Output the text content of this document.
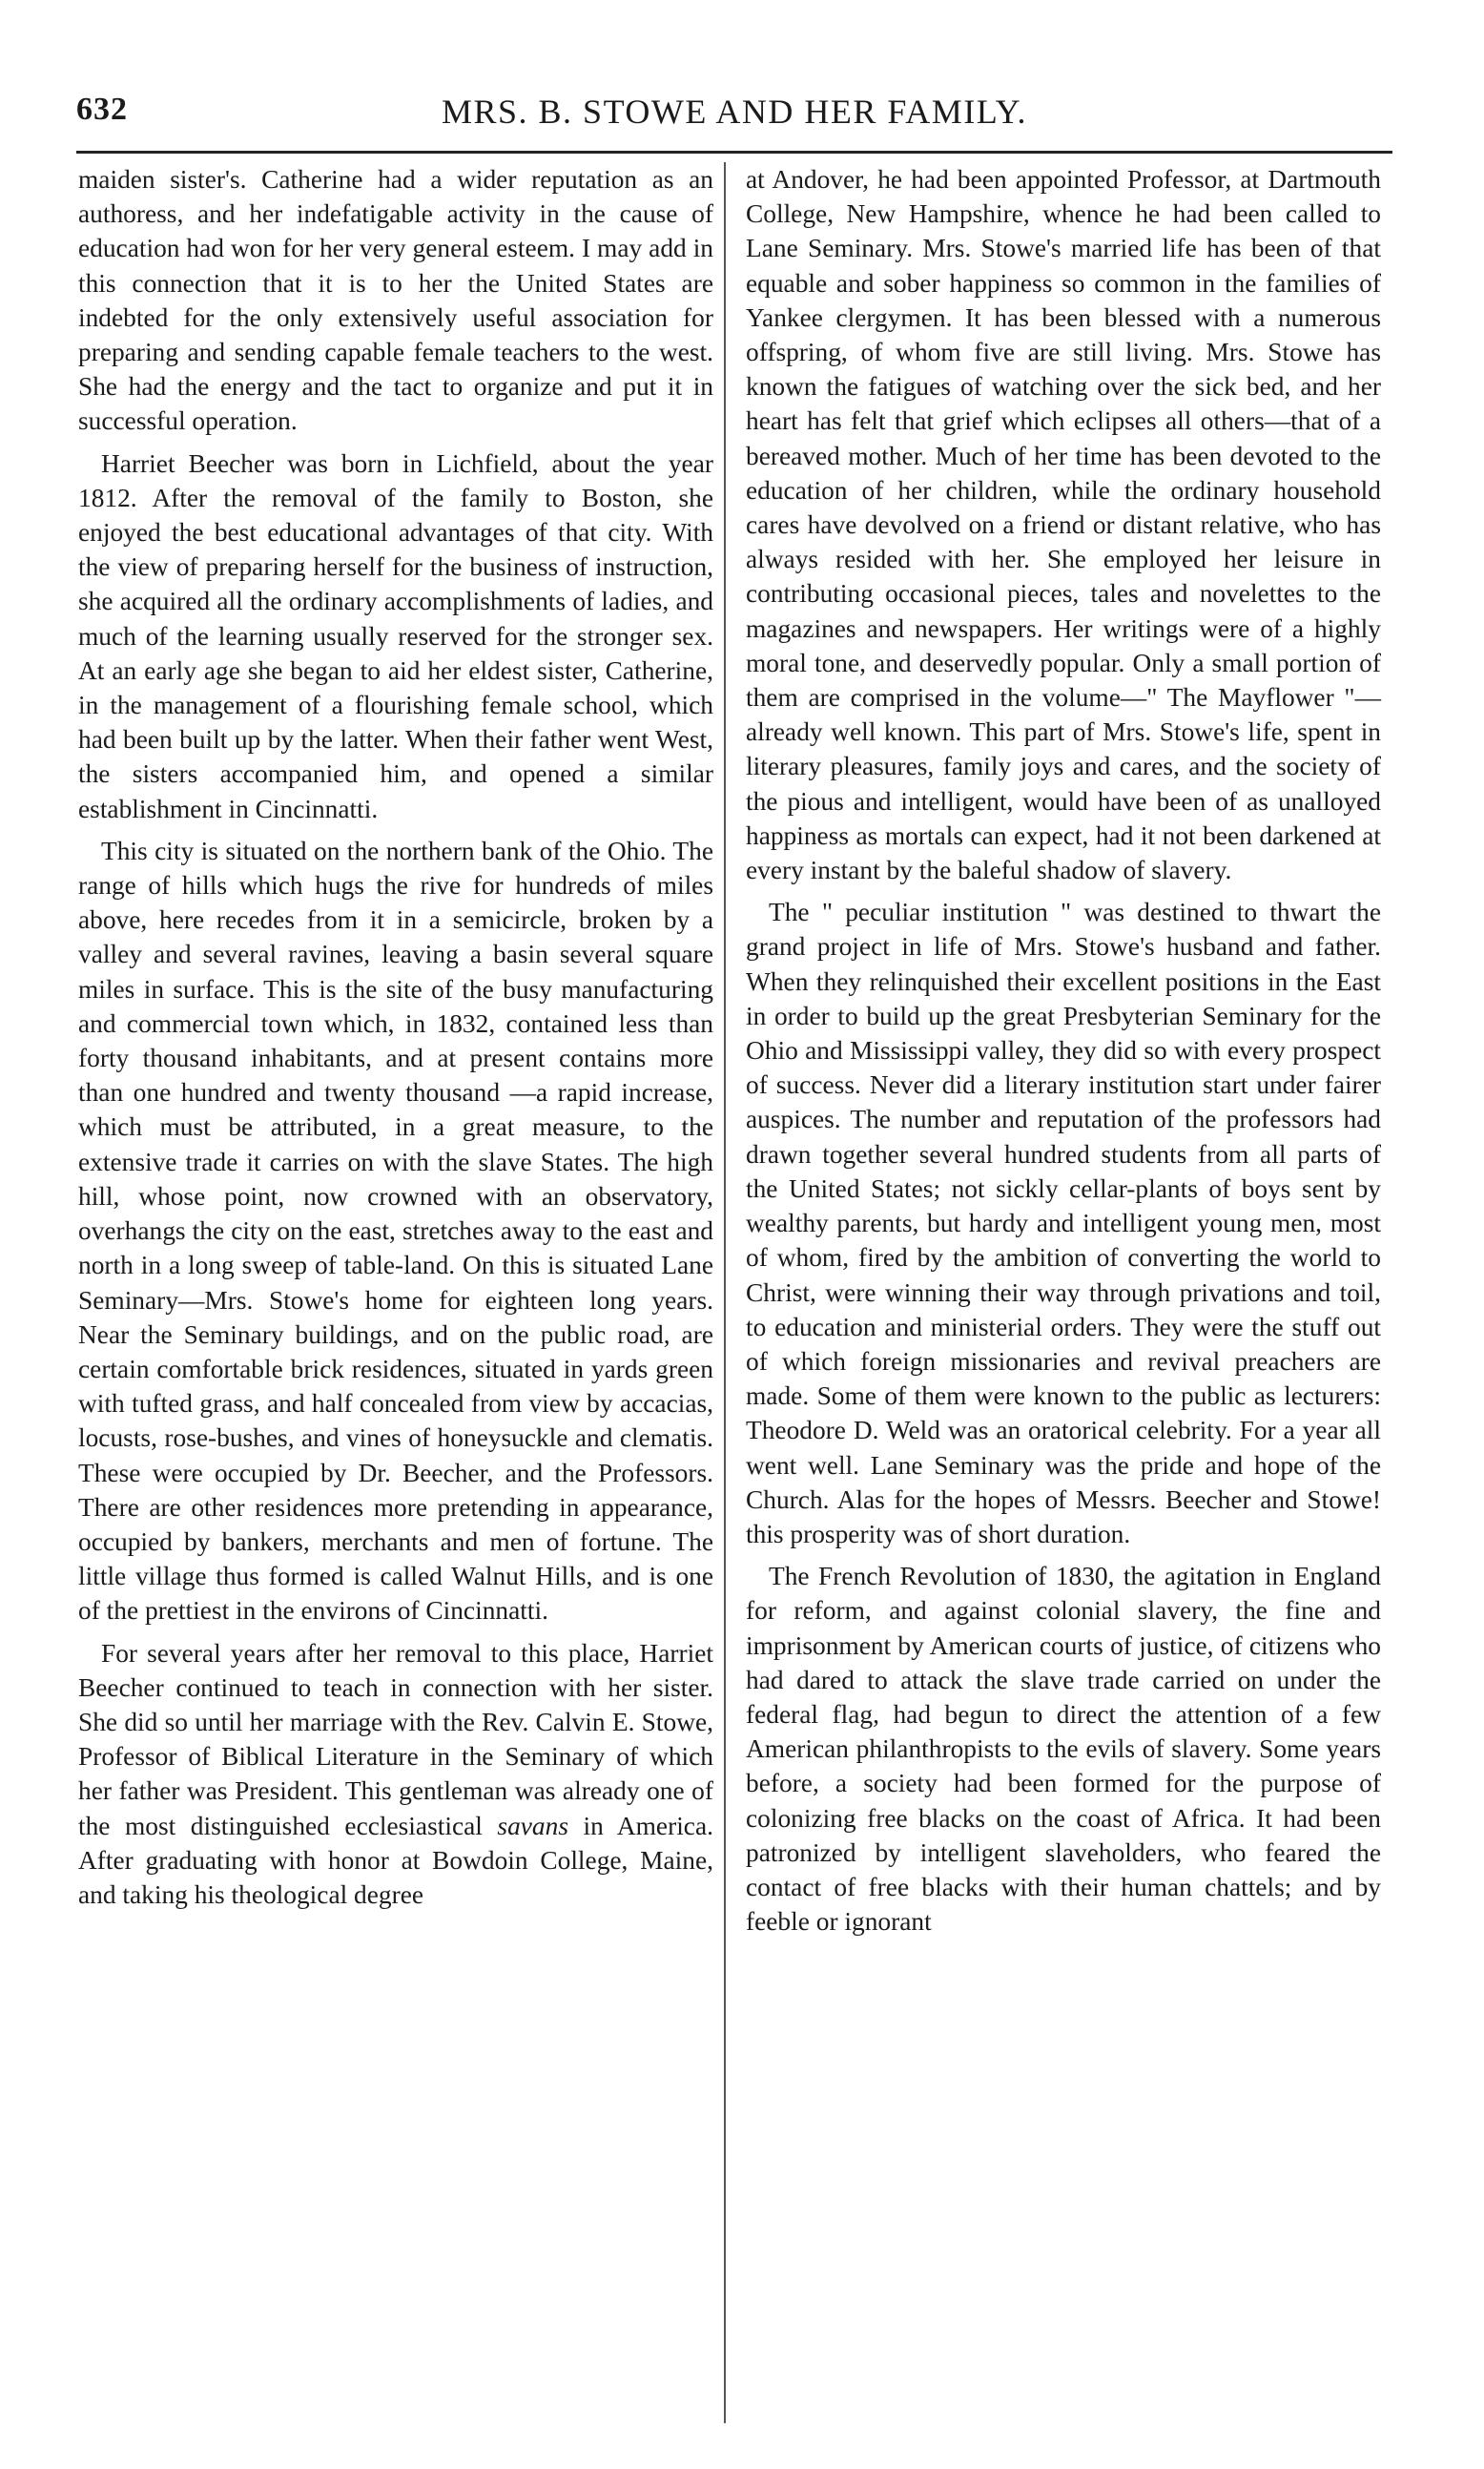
632	MRS. B. STOWE AND HER FAMILY.

maiden sister's. Catherine had a wider reputation as an authoress, and her indefatigable activity in the cause of education had won for her very general esteem. I may add in this connection that it is to her the United States are indebted for the only extensively useful association for preparing and sending capable female teachers to the west. She had the energy and the tact to organize and put it in successful operation.

Harriet Beecher was born in Lichfield, about the year 1812. After the removal of the family to Boston, she enjoyed the best educational advantages of that city. With the view of preparing herself for the business of instruction, she acquired all the ordinary accomplishments of ladies, and much of the learning usually reserved for the stronger sex. At an early age she began to aid her eldest sister, Catherine, in the management of a flourishing female school, which had been built up by the latter. When their father went West, the sisters accompanied him, and opened a similar establishment in Cincinnatti.

This city is situated on the northern bank of the Ohio. The range of hills which hugs the rive for hundreds of miles above, here recedes from it in a semicircle, broken by a valley and several ravines, leaving a basin several square miles in surface. This is the site of the busy manufacturing and commercial town which, in 1832, contained less than forty thousand inhabitants, and at present contains more than one hundred and twenty thousand —a rapid increase, which must be attributed, in a great measure, to the extensive trade it carries on with the slave States. The high hill, whose point, now crowned with an observatory, overhangs the city on the east, stretches away to the east and north in a long sweep of table-land. On this is situated Lane Seminary—Mrs. Stowe's home for eighteen long years. Near the Seminary buildings, and on the public road, are certain comfortable brick residences, situated in yards green with tufted grass, and half concealed from view by accacias, locusts, rose-bushes, and vines of honeysuckle and clematis. These were occupied by Dr. Beecher, and the Professors. There are other residences more pretending in appearance, occupied by bankers, merchants and men of fortune. The little village thus formed is called Walnut Hills, and is one of the prettiest in the environs of Cincinnatti.

For several years after her removal to this place, Harriet Beecher continued to teach in connection with her sister. She did so until her marriage with the Rev. Calvin E. Stowe, Professor of Biblical Literature in the Seminary of which her father was President. This gentleman was already one of the most distinguished ecclesiastical savans in America. After graduating with honor at Bowdoin College, Maine, and taking his theological degree

at Andover, he had been appointed Professor, at Dartmouth College, New Hampshire, whence he had been called to Lane Seminary. Mrs. Stowe's married life has been of that equable and sober happiness so common in the families of Yankee clergymen. It has been blessed with a numerous offspring, of whom five are still living. Mrs. Stowe has known the fatigues of watching over the sick bed, and her heart has felt that grief which eclipses all others—that of a bereaved mother. Much of her time has been devoted to the education of her children, while the ordinary household cares have devolved on a friend or distant relative, who has always resided with her. She employed her leisure in contributing occasional pieces, tales and novelettes to the magazines and newspapers. Her writings were of a highly moral tone, and deservedly popular. Only a small portion of them are comprised in the volume—" The Mayflower "—already well known. This part of Mrs. Stowe's life, spent in literary pleasures, family joys and cares, and the society of the pious and intelligent, would have been of as unalloyed happiness as mortals can expect, had it not been darkened at every instant by the baleful shadow of slavery.

The " peculiar institution " was destined to thwart the grand project in life of Mrs. Stowe's husband and father. When they relinquished their excellent positions in the East in order to build up the great Presbyterian Seminary for the Ohio and Mississippi valley, they did so with every prospect of success. Never did a literary institution start under fairer auspices. The number and reputation of the professors had drawn together several hundred students from all parts of the United States; not sickly cellar-plants of boys sent by wealthy parents, but hardy and intelligent young men, most of whom, fired by the ambition of converting the world to Christ, were winning their way through privations and toil, to education and ministerial orders. They were the stuff out of which foreign missionaries and revival preachers are made. Some of them were known to the public as lecturers: Theodore D. Weld was an oratorical celebrity. For a year all went well. Lane Seminary was the pride and hope of the Church. Alas for the hopes of Messrs. Beecher and Stowe! this prosperity was of short duration.

The French Revolution of 1830, the agitation in England for reform, and against colonial slavery, the fine and imprisonment by American courts of justice, of citizens who had dared to attack the slave trade carried on under the federal flag, had begun to direct the attention of a few American philanthropists to the evils of slavery. Some years before, a society had been formed for the purpose of colonizing free blacks on the coast of Africa. It had been patronized by intelligent slaveholders, who feared the contact of free blacks with their human chattels; and by feeble or ignorant
